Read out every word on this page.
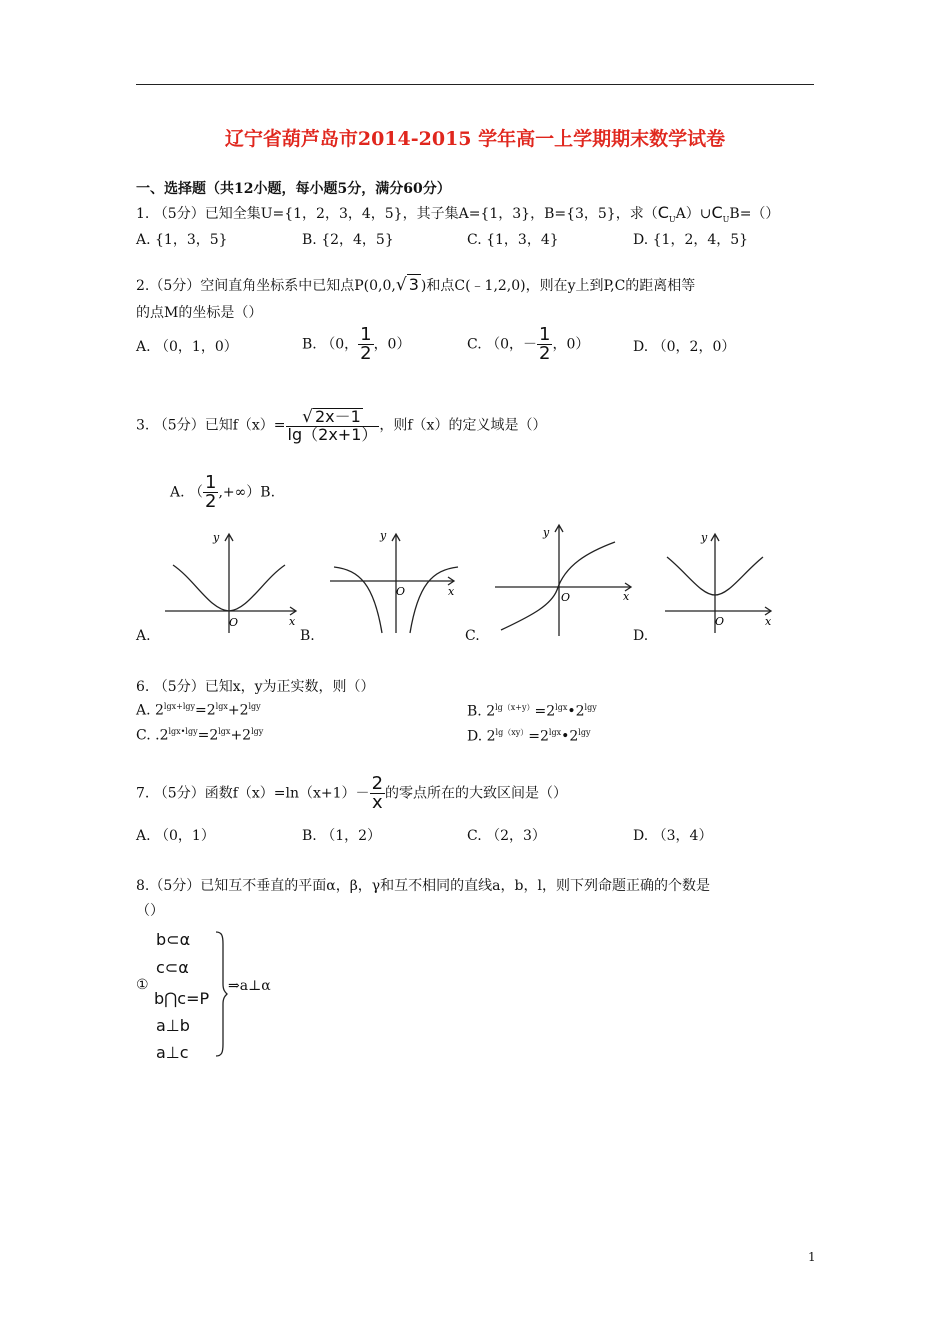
辽宁省葫芦岛市2014-2015 学年高一上学期期末数学试卷
一、选择题（共12小题，每小题5分，满分60分）
1. （5分）已知全集U={1，2，3，4，5}，其子集A={1，3}，B={3，5}，求$(C_UA)\cup C_UB=()$
A. {1，3，5}	B. {2，4，5}	C. {1，3，4}	D. {1，2，4，5}
2.（5分）空间直角坐标系中已知点P(0,0,√ 3 )和点C(﹣1,2,0)，则在y上到P,C的距离相等
的点M的坐标是（）
A. （0，1，0）	B. （0， $\frac{1}{2}$ ，0）	C. （0，－ $\frac{1}{2}$ ，0）	D. （0，2，0）
3. （5分）已知$f(x)= \frac{√ 2x-1}{\lg(2x+1)}$ ，则f（x）的定义域是（）
A. （ $\frac{1}{2} ,+\infty)B$.
A.	B.	C.	D.
y
x
O
y
x
O
y
x
O
y
x
O
6. （5分）已知x，y为正实数，则（）
A. $2^{lgx+lgy}=2^{lgx}+2^{lgy}$	B. $2^{lg(x+y)}=2^{lgx}•2^{lgy}$
C. $.2^{lgx•lgy}=2^{lgx}+2^{lgy}$	D. $2^{lg(xy)}=2^{lgx}•2^{lgy}$
7. （5分）函数$f(x)=\ln(x+1)- \frac{2}{x}$ 的零点所在的大致区间是（）
A. （0，1）	B. （1，2）	C. （2，3）	D. （3，4）
8.（5分）已知互不垂直的平面α，β，γ和互不相同的直线a，b，l，则下列命题正确的个数是
（）
①
b⊂α
c⊂α
b⋂c=P
a⊥b
a⊥c
⇒a⊥α
1
